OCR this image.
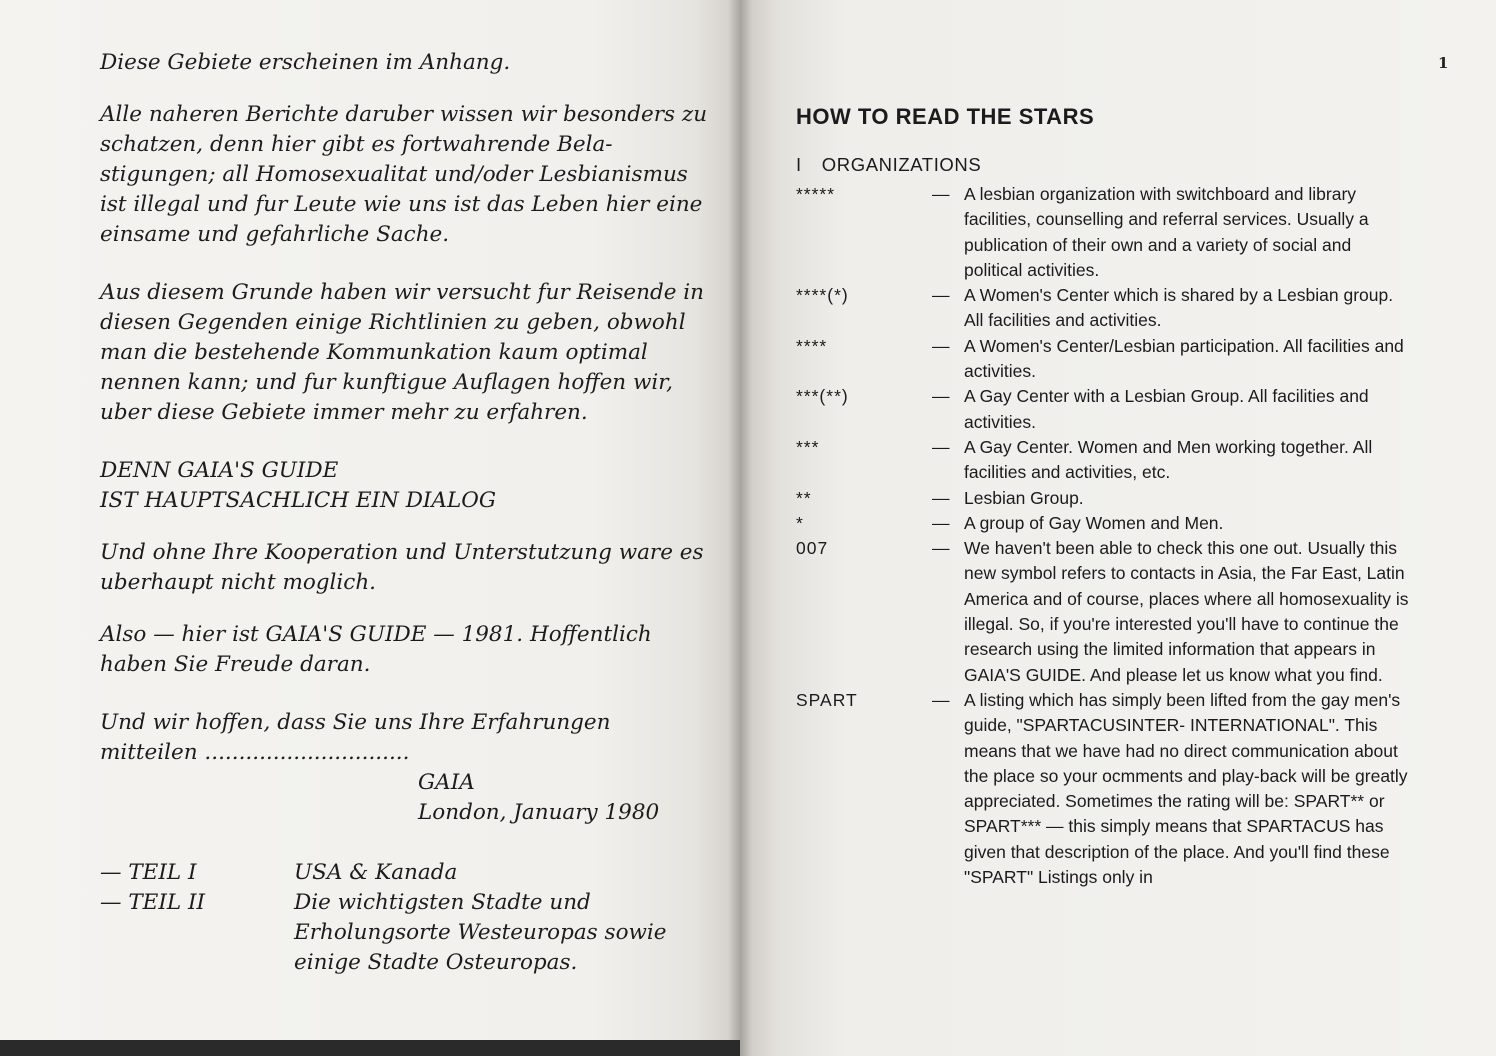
Diese Gebiete erscheinen im Anhang.

Alle naheren Berichte daruber wissen wir besonders zu schatzen, denn hier gibt es fortwahrende Bela- stigungen; all Homosexualitat und/oder Lesbianismus ist illegal und fur Leute wie uns ist das Leben hier eine einsame und gefahrliche Sache.

Aus diesem Grunde haben wir versucht fur Reisende in diesen Gegenden einige Richtlinien zu geben, obwohl man die bestehende Kommunkation kaum optimal nennen kann; und fur kunftigue Auflagen hoffen wir, uber diese Gebiete immer mehr zu erfahren.

DENN GAIA'S GUIDE

IST HAUPTSACHLICH EIN DIALOG

Und ohne Ihre Kooperation und Unterstutzung ware es uberhaupt nicht moglich.

Also — hier ist GAIA'S GUIDE — 1981. Hoffentlich haben Sie Freude daran.

Und wir hoffen, dass Sie uns Ihre Erfahrungen

mitteilen ..............................

GAIA

London, January 1980

— TEIL I	USA & Kanada
— TEIL II	Die wichtigsten Stadte und
Erholungsorte Westeuropas sowie
einige Stadte Osteuropas.
1
HOW TO READ THE STARS
I ORGANIZATIONS
*****	— A lesbian organization with switchboard and library facilities, counselling and referral services. Usually a publication of their own and a variety of social and political activities.
****(*)	— A Women's Center which is shared by a Lesbian group. All facilities and activities.
****	— A Women's Center/Lesbian participation. All facilities and activities.
***(**)	— A Gay Center with a Lesbian Group. All facilities and activities.
***	— A Gay Center. Women and Men working together. All facilities and activities, etc.
**	— Lesbian Group.
*	— A group of Gay Women and Men.
007	— We haven't been able to check this one out. Usually this new symbol refers to contacts in Asia, the Far East, Latin America and of course, places where all homosexuality is illegal. So, if you're interested you'll have to continue the research using the limited information that appears in GAIA'S GUIDE. And please let us know what you find.
SPART	— A listing which has simply been lifted from the gay men's guide, "SPARTACUSINTER- INTERNATIONAL". This means that we have had no direct communication about the place so your ocmments and play-back will be greatly appreciated. Sometimes the rating will be: SPART** or SPART*** — this simply means that SPARTACUS has given that description of the place. And you'll find these "SPART" Listings only in
